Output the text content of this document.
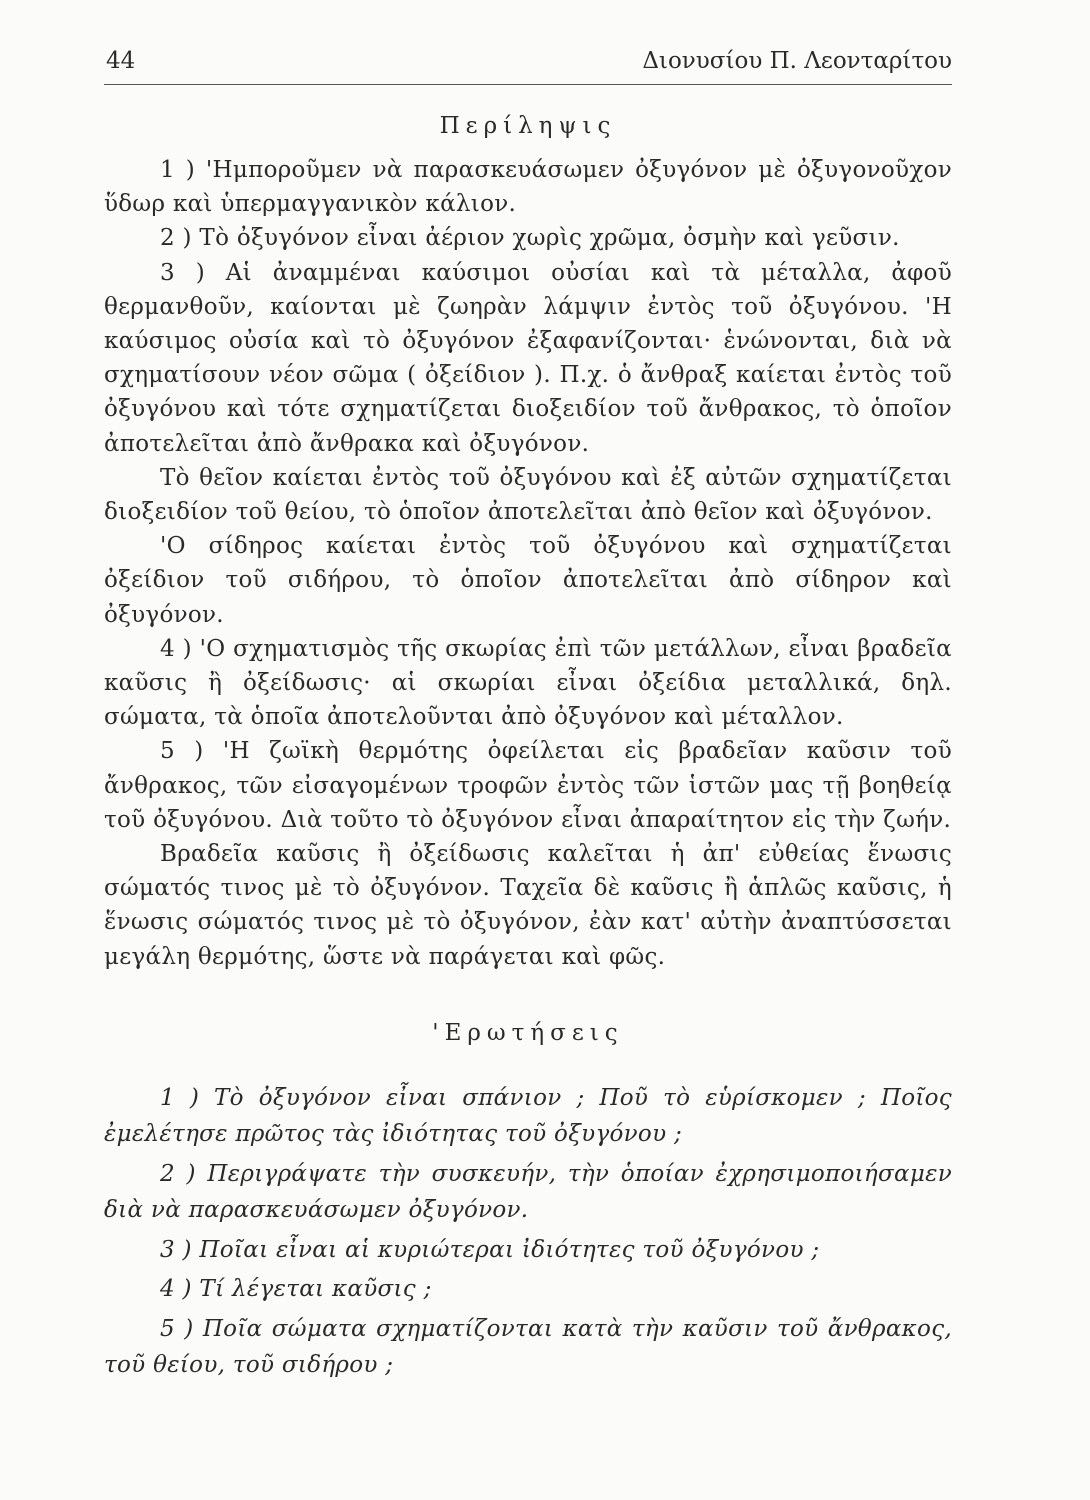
44	Διονυσίου Π. Λεονταρίτου
Περίληψις

1 ) 'Ημποροῦμεν νὰ παρασκευάσωμεν ὀξυγόνον μὲ ὀξυγονοῦχον ὕδωρ καὶ ὑπερμαγγανικὸν κάλιον.

2 ) Τὸ ὀξυγόνον εἶναι ἀέριον χωρὶς χρῶμα, ὀσμὴν καὶ γεῦσιν.

3 ) Αἱ ἀναμμέναι καύσιμοι οὐσίαι καὶ τὰ μέταλλα, ἀφοῦ θερμανθοῦν, καίονται μὲ ζωηρὰν λάμψιν ἐντὸς τοῦ ὀξυγόνου. 'Η καύσιμος οὐσία καὶ τὸ ὀξυγόνον ἐξαφανίζονται· ἑνώνονται, διὰ νὰ σχηματίσουν νέον σῶμα ( ὀξείδιον ). Π.χ. ὁ ἄνθραξ καίεται ἐντὸς τοῦ ὀξυγόνου καὶ τότε σχηματίζεται διοξειδίον τοῦ ἄνθρακος, τὸ ὁποῖον ἀποτελεῖται ἀπὸ ἄνθρακα καὶ ὀξυγόνον.

Τὸ θεῖον καίεται ἐντὸς τοῦ ὀξυγόνου καὶ ἐξ αὐτῶν σχηματίζεται διοξειδίον τοῦ θείου, τὸ ὁποῖον ἀποτελεῖται ἀπὸ θεῖον καὶ ὀξυγόνον.

'Ο σίδηρος καίεται ἐντὸς τοῦ ὀξυγόνου καὶ σχηματίζεται ὀξείδιον τοῦ σιδήρου, τὸ ὁποῖον ἀποτελεῖται ἀπὸ σίδηρον καὶ ὀξυγόνον.

4 ) 'Ο σχηματισμὸς τῆς σκωρίας ἐπὶ τῶν μετάλλων, εἶναι βραδεῖα καῦσις ἢ ὀξείδωσις· αἱ σκωρίαι εἶναι ὀξείδια μεταλλικά, δηλ. σώματα, τὰ ὁποῖα ἀποτελοῦνται ἀπὸ ὀξυγόνον καὶ μέταλλον.

5 ) 'Η ζωϊκὴ θερμότης ὀφείλεται εἰς βραδεῖαν καῦσιν τοῦ ἄνθρακος, τῶν εἰσαγομένων τροφῶν ἐντὸς τῶν ἱστῶν μας τῇ βοηθείᾳ τοῦ ὀξυγόνου. Διὰ τοῦτο τὸ ὀξυγόνον εἶναι ἀπαραίτητον εἰς τὴν ζωήν.

Βραδεῖα καῦσις ἢ ὀξείδωσις καλεῖται ἡ ἀπ' εὐθείας ἕνωσις σώματός τινος μὲ τὸ ὀξυγόνον. Ταχεῖα δὲ καῦσις ἢ ἁπλῶς καῦσις, ἡ ἕνωσις σώματός τινος μὲ τὸ ὀξυγόνον, ἐὰν κατ' αὐτὴν ἀναπτύσσεται μεγάλη θερμότης, ὥστε νὰ παράγεται καὶ φῶς.

'Ερωτήσεις

1 ) Τὸ ὀξυγόνον εἶναι σπάνιον ; Ποῦ τὸ εὑρίσκομεν ; Ποῖος ἐμελέτησε πρῶτος τὰς ἰδιότητας τοῦ ὀξυγόνου ;

2 ) Περιγράψατε τὴν συσκευήν, τὴν ὁποίαν ἐχρησιμοποιήσαμεν διὰ νὰ παρασκευάσωμεν ὀξυγόνον.

3 ) Ποῖαι εἶναι αἱ κυριώτεραι ἰδιότητες τοῦ ὀξυγόνου ;

4 ) Τί λέγεται καῦσις ;

5 ) Ποῖα σώματα σχηματίζονται κατὰ τὴν καῦσιν τοῦ ἄνθρακος, τοῦ θείου, τοῦ σιδήρου ;
